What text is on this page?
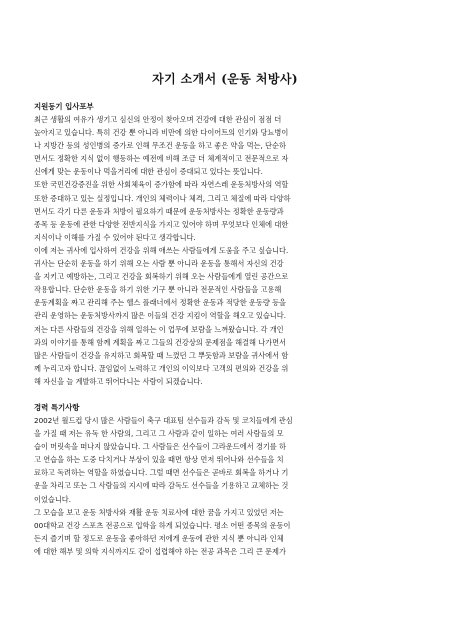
자기 소개서 (운동 처방사)
지원동기 입사포부
최근 생활의 여유가 생기고 심신의 안정이 찾아오며 건강에 대한 관심이 점점 더
높아지고 있습니다. 특히 건강 뿐 아니라 비만에 의한 다이어트의 인기와 당뇨병이
나 지방간 등의 성인병의 증가로 인해 무조건 운동을 하고 좋은 약을 먹는, 단순하
면서도 정확한 지식 없이 행동하는 예전에 비해 조금 더 체계적이고 전문적으로 자
신에게 맞는 운동이나 먹을거리에 대한 관심이 증대되고 있다는 뜻입니다.
또한 국민건강증진을 위한 사회체육이 증가함에 따라 자연스레 운동처방사의 역할
또한 증대하고 있는 실정입니다. 개인의 체력이나 체격, 그리고 체질에 따라 다양하
면서도 각기 다른 운동과 처방이 필요하기 때문에 운동처방사는 정확한 운동량과
종목 등 운동에 관한 다양한 전반지식을 가지고 있어야 하며 무엇보다 인체에 대한
지식이나 이해를 가질 수 있어야 된다고 생각합니다.
이에 저는 귀사에 입사하여 건강을 위해 애쓰는 사람들에게 도움을 주고 싶습니다.
귀사는 단순히 운동을 하기 위해 오는 사람 뿐 아니라 운동을 통해서 자신의 건강
을 지키고 예방하는, 그리고 건강을 회복하기 위해 오는 사람들에게 열린 공간으로
작용합니다. 단순한 운동을 하기 위한 기구 뿐 아니라 전문적인 사람들을 고용해
운동계획을 짜고 관리해 주는 헬스 플래너에서 정확한 운동과 적당한 운동량 등을
관리 운영하는 운동처방사까지 많은 이들의 건강 지킴이 역할을 해오고 있습니다.
저는 다른 사람들의 건강을 위해 일하는 이 업무에 보람을 느껴왔습니다. 각 개인
과의 이야기를 통해 함께 계획을 짜고 그들의 건강상의 문제점을 해결해 나가면서
많은 사람들이 건강을 유지하고 회복할 때 느꼈던 그 뿌듯함과 보람을 귀사에서 함
께 누리고자 합니다. 끊임없이 노력하고 개인의 이익보다 고객의 편의와 건강을 위
해 자신을 늘 계발하고 뛰어다니는 사람이 되겠습니다.
경력 특기사항
2002년 월드컵 당시 많은 사람들이 축구 대표팀 선수들과 감독 및 코치들에게 관심
을 가질 때 저는 유독 한 사람의, 그리고 그 사람과 같이 일하는 여러 사람들의 모
습이 머릿속을 떠나지 않았습니다. 그 사람들은 선수들이 그라운드에서 경기를 하
고 연습을 하는 도중 다치거나 부상이 있을 때면 항상 먼저 뛰어나와 선수들을 치
료하고 독려하는 역할을 하였습니다. 그럴 때면 선수들은 곧바로 회복을 하거나 기
운을 차리고 또는 그 사람들의 지시에 따라 감독도 선수들을 기용하고 교체하는 것
이었습니다.
그 모습을 보고 운동 처방사와 재활 운동 치료사에 대한 꿈을 가지고 있었던 저는
00대학교 건강 스포츠 전공으로 입학을 하게 되었습니다. 평소 어떤 종목의 운동이
든지 즐기며 할 정도로 운동을 좋아하던 저에게 운동에 관한 지식 뿐 아니라 인체
에 대한 해부 및 의학 지식까지도 같이 섭렵해야 하는 전공 과목은 그리 큰 문제가
